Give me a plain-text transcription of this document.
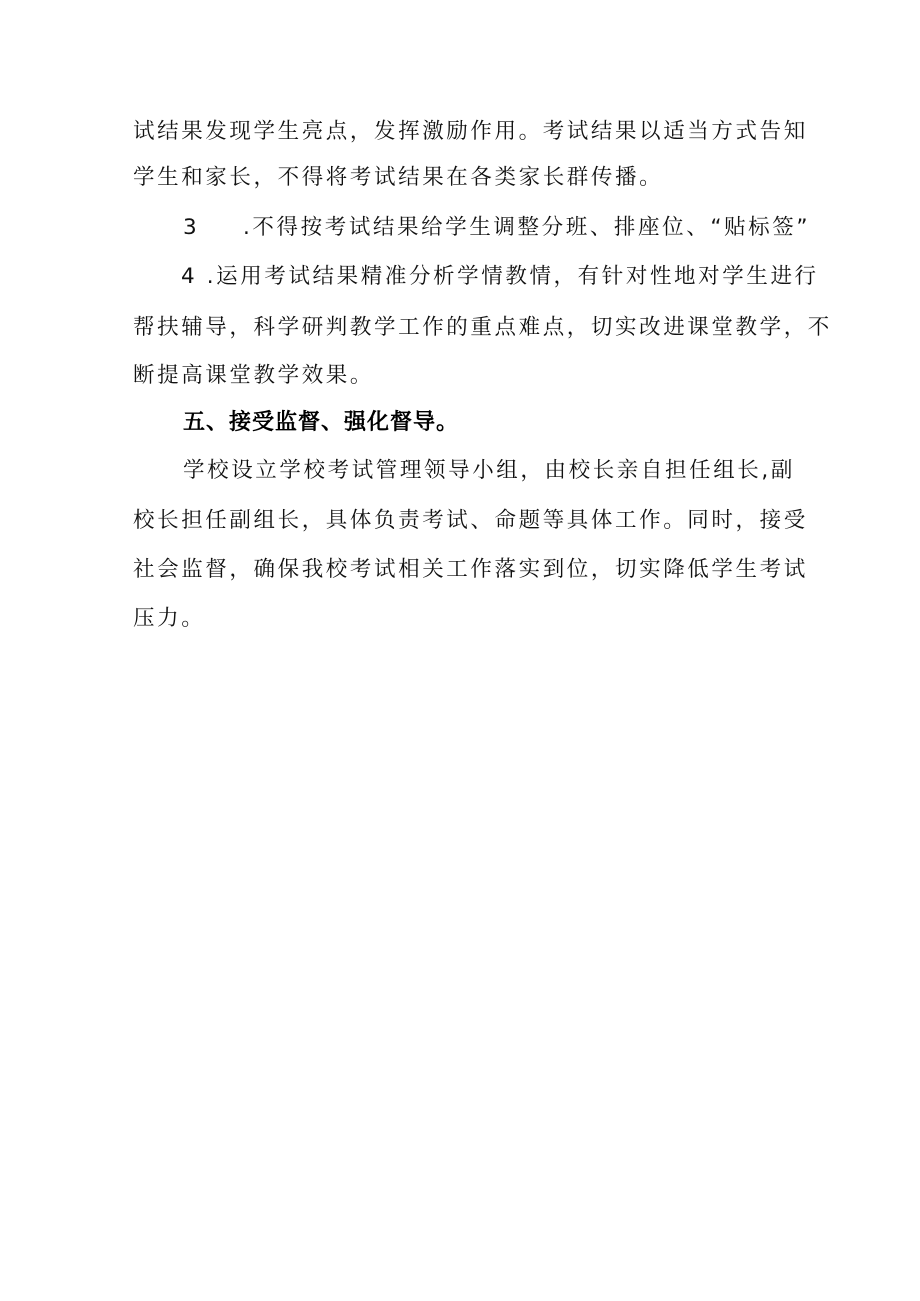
试结果发现学生亮点，发挥激励作用。考试结果以适当方式告知
学生和家长，不得将考试结果在各类家长群传播。
3 .不得按考试结果给学生调整分班、排座位、“贴标签”
4 .运用考试结果精准分析学情教情，有针对性地对学生进行
帮扶辅导，科学研判教学工作的重点难点，切实改进课堂教学，不
断提高课堂教学效果。
五、接受监督、强化督导。
学校设立学校考试管理领导小组，由校长亲自担任组长,副
校长担任副组长，具体负责考试、命题等具体工作。同时，接受
社会监督，确保我校考试相关工作落实到位，切实降低学生考试
压力。
